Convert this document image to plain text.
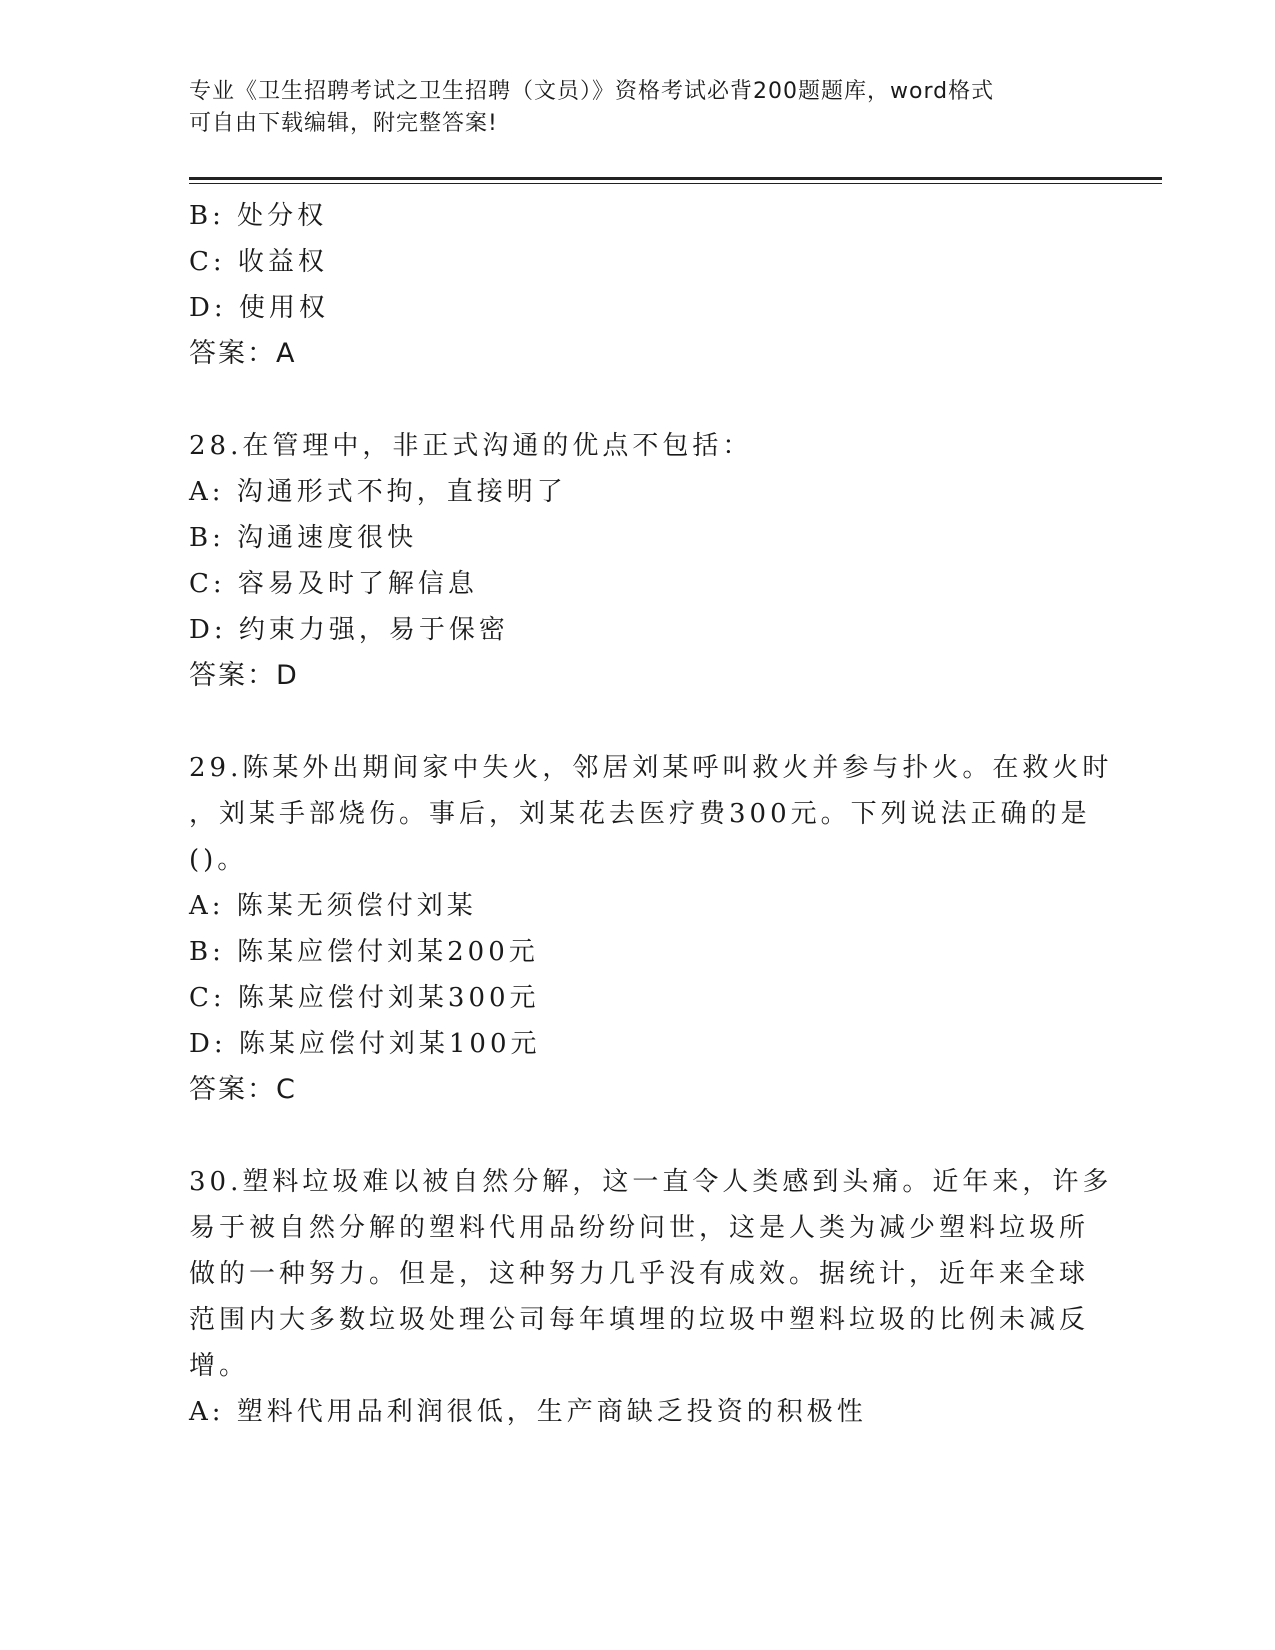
专业《卫生招聘考试之卫生招聘（文员）》资格考试必背200题题库，word格式
可自由下载编辑，附完整答案!
B: 处分权
C: 收益权
D: 使用权
答案：A
28.在管理中，非正式沟通的优点不包括：
A: 沟通形式不拘，直接明了
B: 沟通速度很快
C: 容易及时了解信息
D: 约束力强，易于保密
答案：D
29.陈某外出期间家中失火，邻居刘某呼叫救火并参与扑火。在救火时
，刘某手部烧伤。事后，刘某花去医疗费300元。下列说法正确的是
()。
A: 陈某无须偿付刘某
B: 陈某应偿付刘某200元
C: 陈某应偿付刘某300元
D: 陈某应偿付刘某100元
答案：C
30.塑料垃圾难以被自然分解，这一直令人类感到头痛。近年来，许多
易于被自然分解的塑料代用品纷纷问世，这是人类为减少塑料垃圾所
做的一种努力。但是，这种努力几乎没有成效。据统计，近年来全球
范围内大多数垃圾处理公司每年填埋的垃圾中塑料垃圾的比例未减反
增。
A: 塑料代用品利润很低，生产商缺乏投资的积极性
